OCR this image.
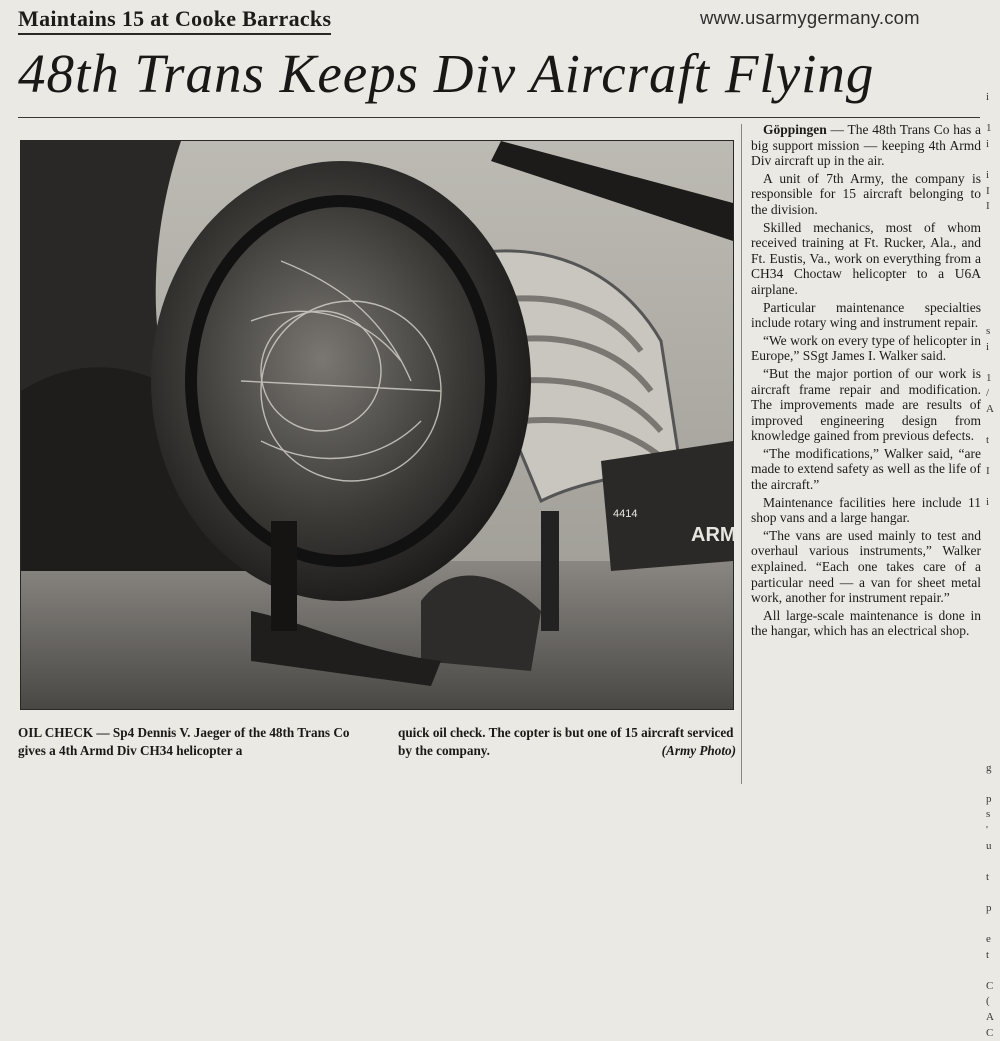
Maintains 15 at Cooke Barracks	www.usarmygermany.com
48th Trans Keeps Div Aircraft Flying
ARM
4414
OIL CHECK — Sp4 Dennis V. Jaeger of the 48th Trans Co gives a 4th Armd Div CH34 helicopter a
quick oil check. The copter is but one of 15 aircraft serviced by the company.	(Army Photo)

Göppingen — The 48th Trans Co has a big support mission — keeping 4th Armd Div aircraft up in the air.

A unit of 7th Army, the company is responsible for 15 aircraft belonging to the division.

Skilled mechanics, most of whom received training at Ft. Rucker, Ala., and Ft. Eustis, Va., work on everything from a CH34 Choctaw helicopter to a U6A airplane.

Particular maintenance specialties include rotary wing and instrument repair.

“We work on every type of helicopter in Europe,” SSgt James I. Walker said.

“But the major portion of our work is aircraft frame repair and modification. The improvements made are results of improved engineering design from knowledge gained from previous defects.

“The modifications,” Walker said, “are made to extend safety as well as the life of the aircraft.”

Maintenance facilities here include 11 shop vans and a large hangar.

“The vans are used mainly to test and overhaul various instruments,” Walker explained. “Each one takes care of a particular need — a van for sheet metal work, another for instrument repair.”

All large-scale maintenance is done in the hangar, which has an electrical shop.

i
1
i
i
I
I
s
i
1
/
A
t
I
i
g
p
s
'
u
t
p
e
t
C
(
A
C
